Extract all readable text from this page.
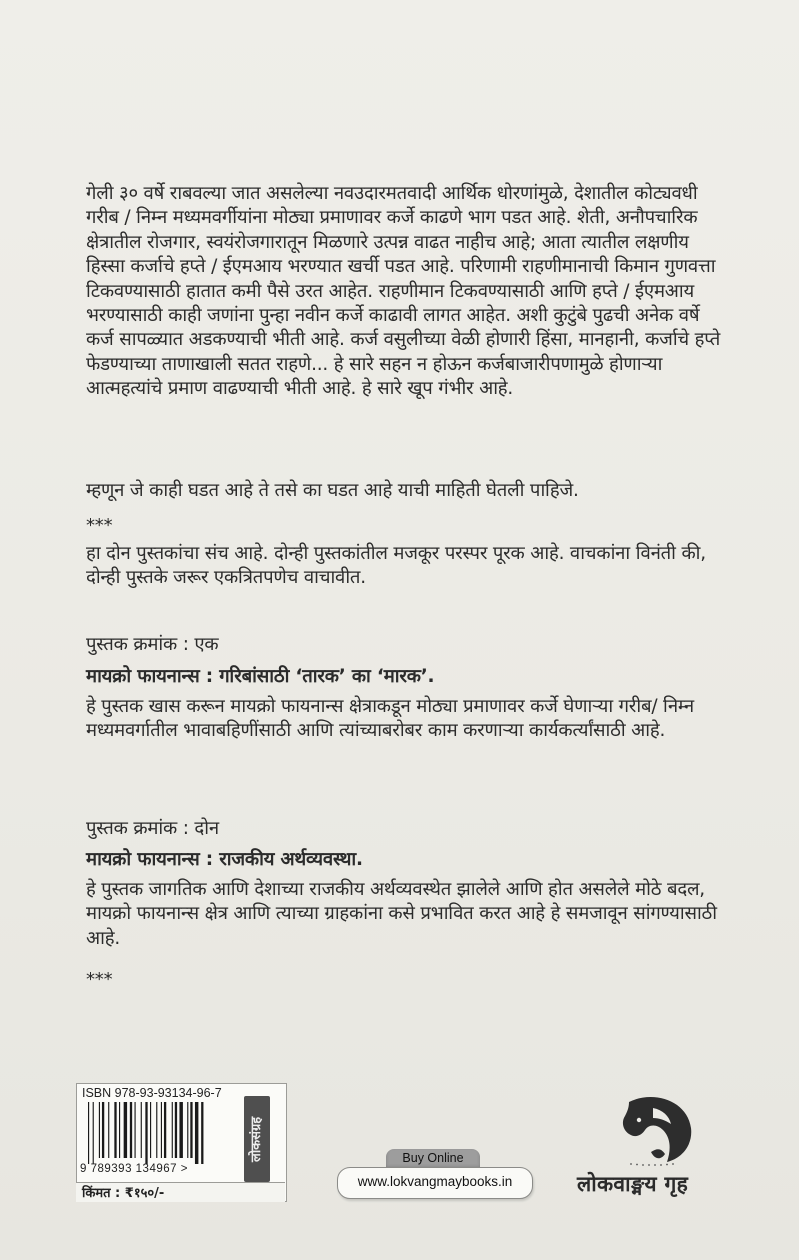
गेली ३० वर्षे राबवल्या जात असलेल्या नवउदारमतवादी आर्थिक धोरणांमुळे, देशातील कोट्यवधी गरीब / निम्न मध्यमवर्गीयांना मोठ्या प्रमाणावर कर्जे काढणे भाग पडत आहे. शेती, अनौपचारिक क्षेत्रातील रोजगार, स्वयंरोजगारातून मिळणारे उत्पन्न वाढत नाहीच आहे; आता त्यातील लक्षणीय हिस्सा कर्जाचे हप्ते / ईएमआय भरण्यात खर्ची पडत आहे. परिणामी राहणीमानाची किमान गुणवत्ता टिकवण्यासाठी हातात कमी पैसे उरत आहेत. राहणीमान टिकवण्यासाठी आणि हप्ते / ईएमआय भरण्यासाठी काही जणांना पुन्हा नवीन कर्जे काढावी लागत आहेत. अशी कुटुंबे पुढची अनेक वर्षे कर्ज सापळ्यात अडकण्याची भीती आहे. कर्ज वसुलीच्या वेळी होणारी हिंसा, मानहानी, कर्जाचे हप्ते फेडण्याच्या ताणाखाली सतत राहणे... हे सारे सहन न होऊन कर्जबाजारीपणामुळे होणाऱ्या आत्महत्यांचे प्रमाण वाढण्याची भीती आहे. हे सारे खूप गंभीर आहे.

म्हणून जे काही घडत आहे ते तसे का घडत आहे याची माहिती घेतली पाहिजे.

***

हा दोन पुस्तकांचा संच आहे. दोन्ही पुस्तकांतील मजकूर परस्पर पूरक आहे. वाचकांना विनंती की, दोन्ही पुस्तके जरूर एकत्रितपणेच वाचावीत.

पुस्तक क्रमांक : एक

मायक्रो फायनान्स : गरिबांसाठी ‘तारक’ का ‘मारक’.

हे पुस्तक खास करून मायक्रो फायनान्स क्षेत्राकडून मोठ्या प्रमाणावर कर्जे घेणाऱ्या गरीब/ निम्न मध्यमवर्गातील भावाबहिणींसाठी आणि त्यांच्याबरोबर काम करणाऱ्या कार्यकर्त्यांसाठी आहे.

पुस्तक क्रमांक : दोन

मायक्रो फायनान्स : राजकीय अर्थव्यवस्था.

हे पुस्तक जागतिक आणि देशाच्या राजकीय अर्थव्यवस्थेत झालेले आणि होत असलेले मोठे बदल, मायक्रो फायनान्स क्षेत्र आणि त्याच्या ग्राहकांना कसे प्रभावित करत आहे हे समजावून सांगण्यासाठी आहे.

***

ISBN 978-93-93134-96-7
9 789393 134967 >
लोकसंग्रह
किंमत : ₹१५०/-
Buy Online
www.lokvangmaybooks.in	लोकवाङ्मय गृह
